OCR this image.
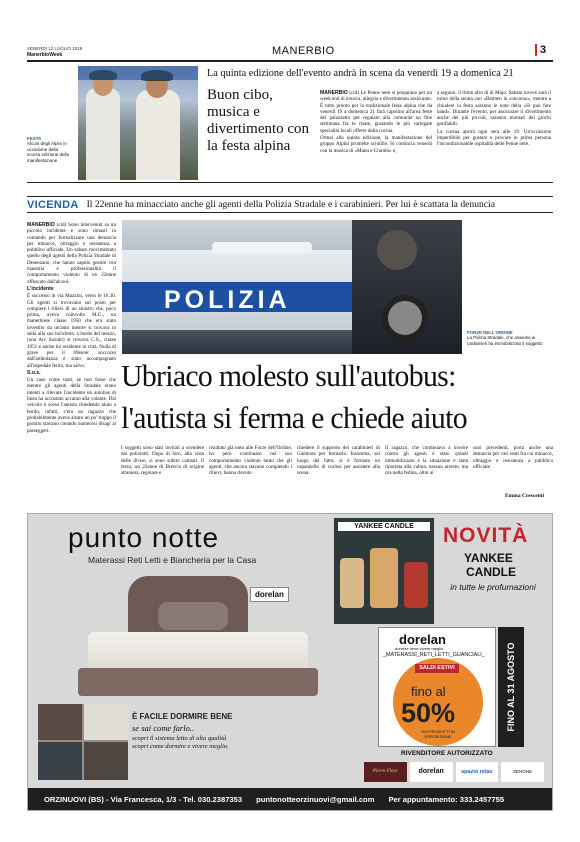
VENERDÌ 12 LUGLIO 2019
ManerbioWeek	MANERBIO	3
FESTA
Alcuni degli Alpini in occasione della scorsa edizione della manifestazione
La quinta edizione dell'evento andrà in scena da venerdì 19 a domenica 21
Buon cibo, musica e divertimento con la festa alpina

MANERBIO (cid) Le Penne nere si preparano per un week end di musica, allegria e divertimento assicurato. È tutto pronto per la tradizionale festa alpina che da venerdì 19 a domenica 21 farà capolino all'area feste del palazzetto per regalare alla comunità un fine settimana fra le risate, gustando le più variegate specialità locali offerte dalla cucina.

Ormai alla quinta edizione, la manifestazione del gruppo Alpini promette scintille. Si comincia venerdì con la musica di «Manu e Ciumbi» e,

a seguire, il ritmo afro di di Majo. Sabato invece sarà il turno della serata con «Batmen in concorso», mentre a chiudere la festa saranno le note della «Si può fare band». Durante l'evento, per assicurare il divertimento anche dei più piccoli, saranno montati dei giochi gonfiabili.

La cucina aprirà ogni sera alle 19. Un'occasione imperdibile per gustare e provare in prima persona l'incondizionabile ospitalità delle Penne nere.

VICENDA Il 22enne ha minacciato anche gli agenti della Polizia Stradale e i carabinieri. Per lui è scattata la denuncia

MANERBIO (cid) Sono intervenuti su un piccolo incidente e sono rimasti in comando per formalizzare una denuncia per minacce, oltraggio e resistenza a pubblico ufficiale. Un sabato movimentato quello degli agenti della Polizia Stradale di Desenzano, che hanno saputo gestire con maestria e professionalità il comportamento violento di un 22enne offuscato dall'alcool.

L'incidente

È successo in via Mazzini, verso le 16.30. Gli agenti si trovavano sul posto per compiere i rilievi di un sinistro che, poco prima, aveva coinvolto M.G., un manerbiese classe 1950 che era stato investito da un'auto mentre si trovava in sella alla sua bicicletta: a bordo del mezzo, (una Aiv Suzuki) si trovava C.S., classe 1951 e anche lui residente in città. Nulla di grave per il 69enne: soccorso dall'ambulanza è stato accompagnato all'ospedale ferito, ma salvo.

S.o.s.

Un caso come tanti, se non fosse che mentre gli agenti della Stradale erano intenti a rilevare l'incidente un autobus di linea ha accostato accanto alla volante. Dal veicolo è sceso l'autista chiedendo aiuto a bordo, infatti, c'era un ragazzo che probabilmente aveva alzato un po' troppo il gomito stavano creando numerosi disagi ai passeggeri.

POLIZIA
FORZE DELL'ORDINE
La Polizia Stradale, che assieme ai carabinieri ha immobilizzato il soggetto
Ubriaco molesto sull'autobus:
l'autista si ferma e chiede aiuto

I soggetti sono stati invitati a scendere dai poliziotti. Dopo di loro, alla vista delle divise, si sono subito calmati. Il terzo, un 22enne di Brescia di origine straniera, regolare e

risultato già noto alle Forze dell'Ordine, ha però continuato nel suo comportamento violento tanto che gli agenti, che ancora stavano compiendo i rilievi, hanno dovuto

chiedere il supporto dei carabinieri di Gambara per fermarlo. Insomma, sul luogo del fatto, si è formato un capannello di curiosi per assistere alla scena.

Il ragazzo, che continuava a inveire contro gli agenti è stato quindi immobilizzato e la situazione è stata riportata alla calma: nessun arresto, ma ora nella fedina, oltre ai

suoi precedenti, porta anche una denuncia per vari reati fra cui minacce, oltraggio e resistenza a pubblico ufficiale.

Emma Crescenti
punto notte
Materassi Reti Letti e Biancheria per la Casa
dorelan
YANKEE CANDLE	NOVITÀ
YANKEE
CANDLE
in tutte le profumazioni
dorelan
dormire bene vivere meglio
_MATERASSI_RETI_LETTI_GUANCIALI_
SALDI ESTIVI
fino al
50%
SUI PRODOTTI IN ESPOSIZIONE
FINO AL 31 AGOSTO
È FACILE DORMIRE BENE
se sai come farlo..
scopri il sistema letto di alta qualità
scopri come dormire e vivere meglio.
RIVENDITORE AUTORIZZATO
Pierre Fleur	dorelan	spazio relax	ZENONE
ORZINUOVI (BS) - Via Francesca, 1/3 - Tel. 030.2387353 puntonotteorzinuovi@gmail.com Per appuntamento: 333.2457755
